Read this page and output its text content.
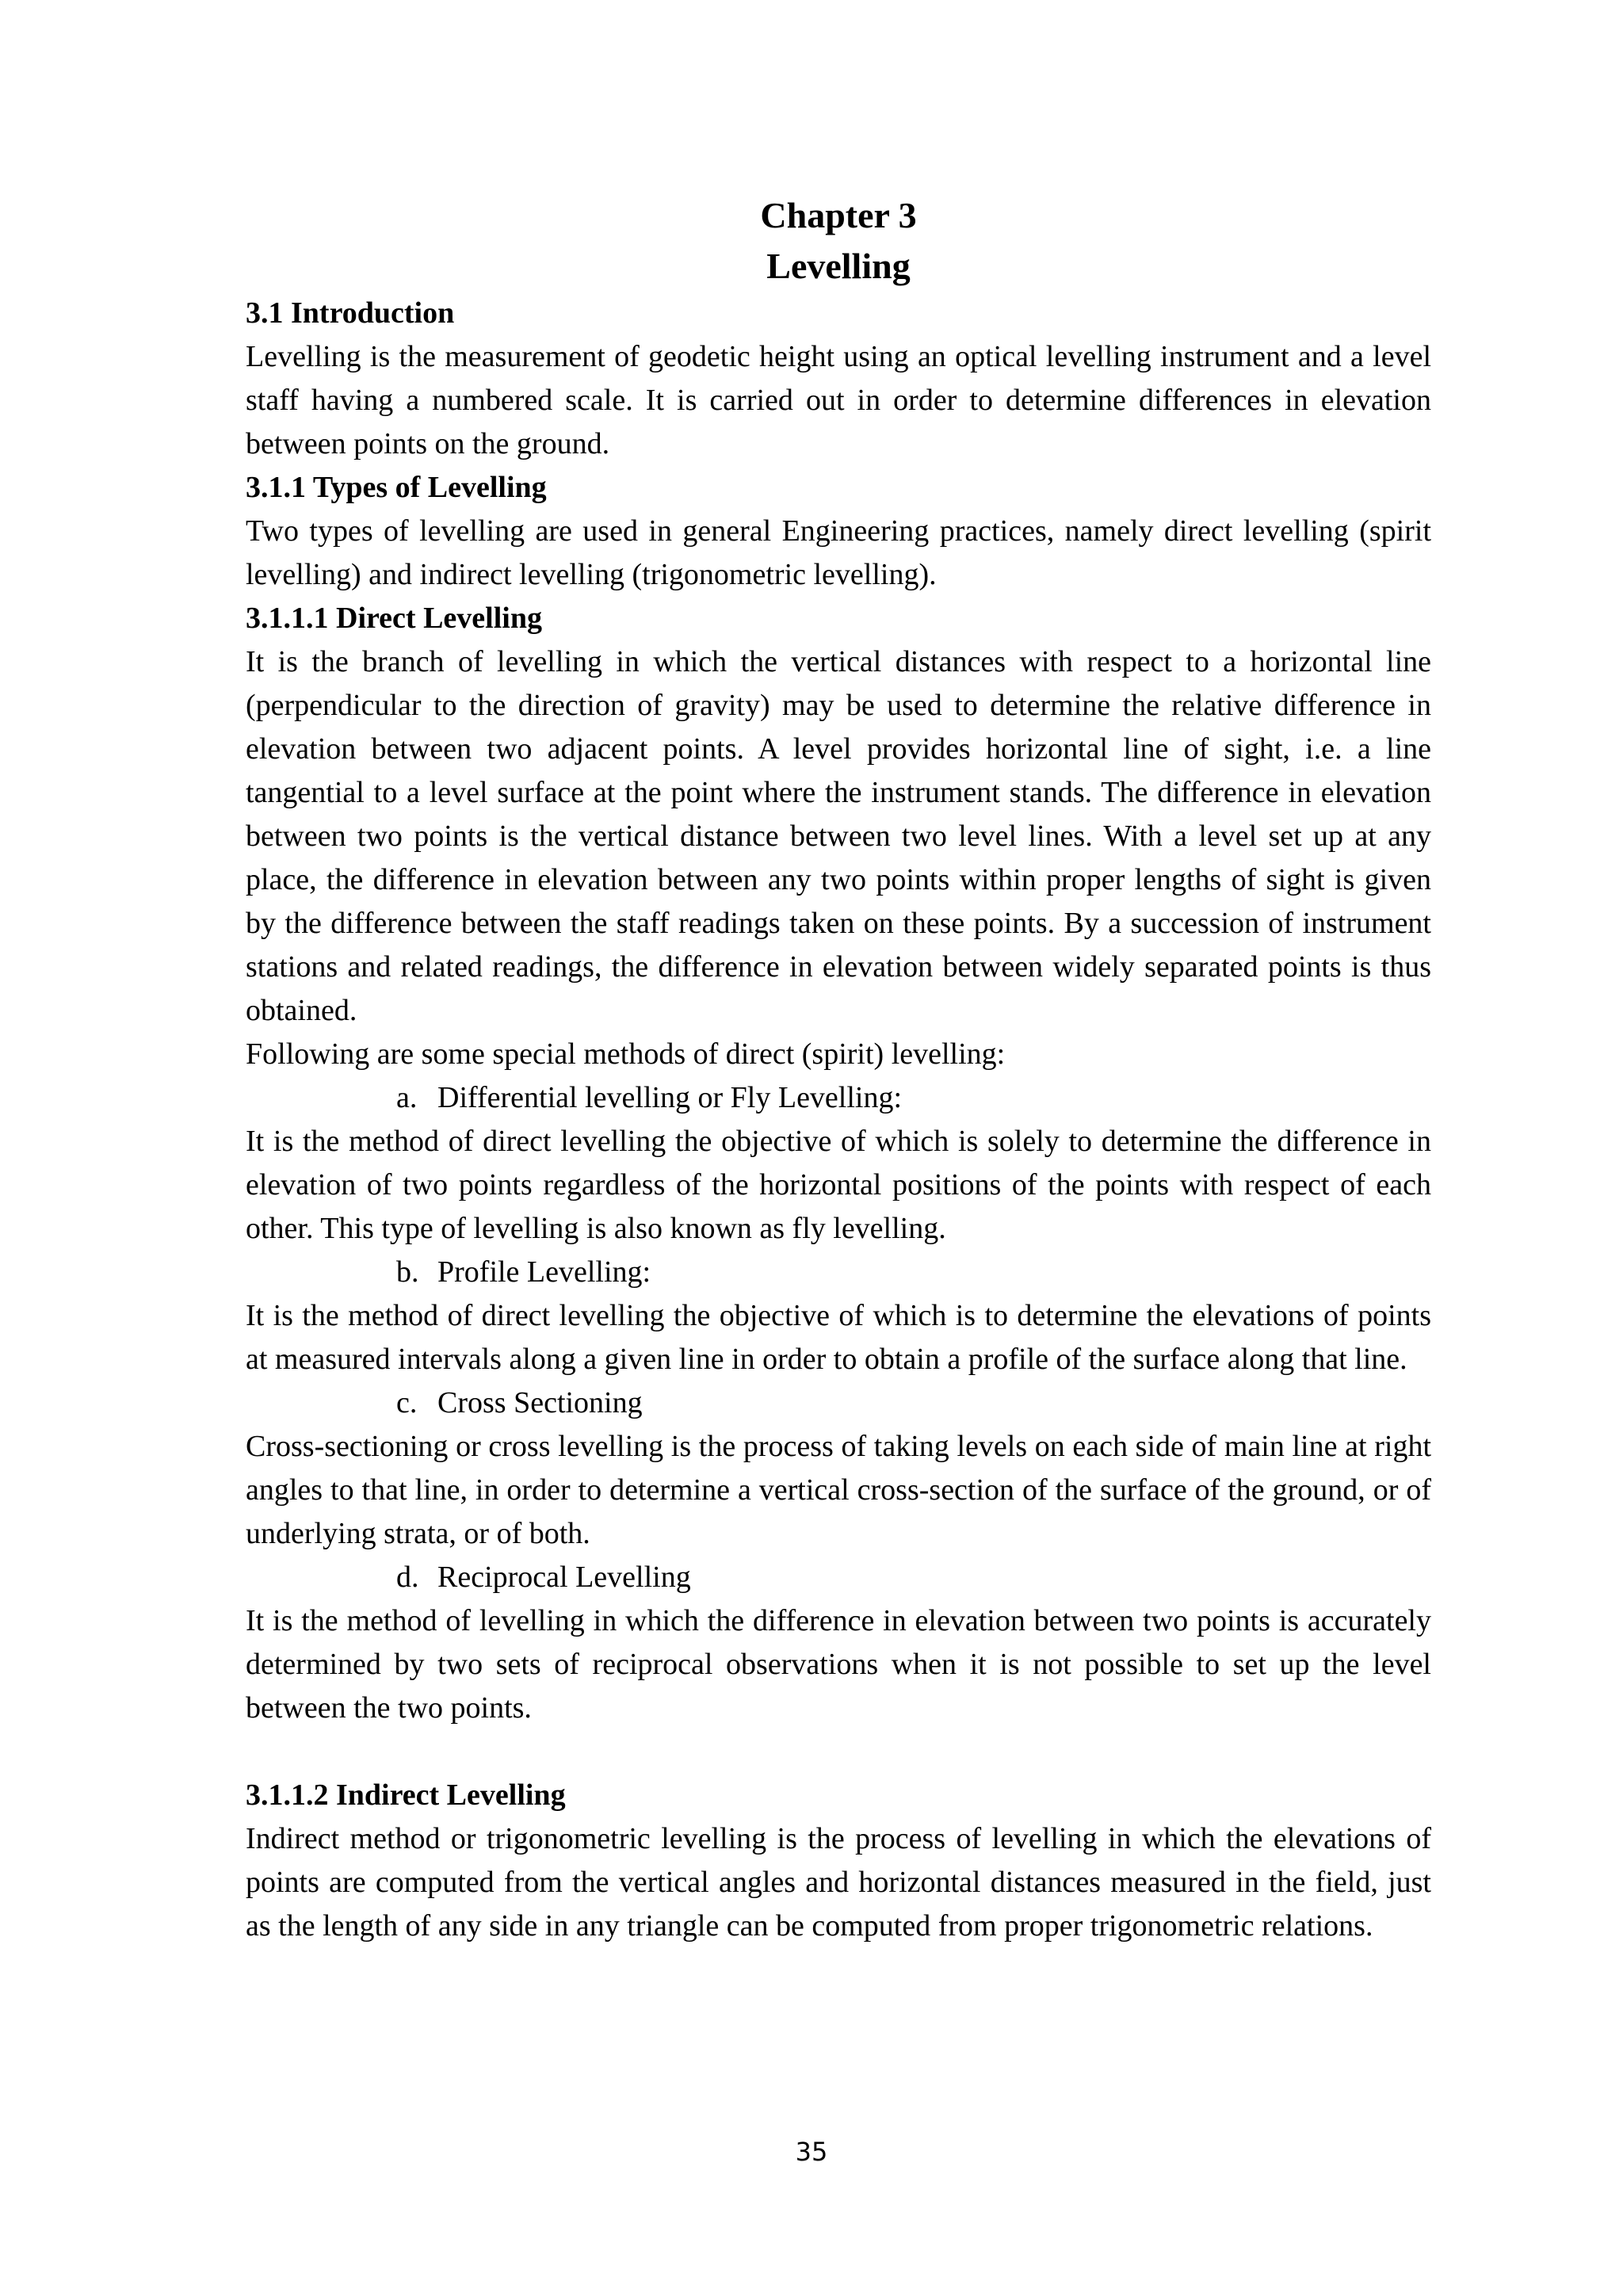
Chapter 3
Levelling
3.1 Introduction

Levelling is the measurement of geodetic height using an optical levelling instrument and a level staff having a numbered scale. It is carried out in order to determine differences in elevation between points on the ground.

3.1.1 Types of Levelling

Two types of levelling are used in general Engineering practices, namely direct levelling (spirit levelling) and indirect levelling (trigonometric levelling).

3.1.1.1 Direct Levelling

It is the branch of levelling in which the vertical distances with respect to a horizontal line (perpendicular to the direction of gravity) may be used to determine the relative difference in elevation between two adjacent points. A level provides horizontal line of sight, i.e. a line tangential to a level surface at the point where the instrument stands. The difference in elevation between two points is the vertical distance between two level lines. With a level set up at any place, the difference in elevation between any two points within proper lengths of sight is given by the difference between the staff readings taken on these points. By a succession of instrument stations and related readings, the difference in elevation between widely separated points is thus obtained.

Following are some special methods of direct (spirit) levelling:

a. Differential levelling or Fly Levelling:

It is the method of direct levelling the objective of which is solely to determine the difference in elevation of two points regardless of the horizontal positions of the points with respect of each other. This type of levelling is also known as fly levelling.

b. Profile Levelling:

It is the method of direct levelling the objective of which is to determine the elevations of points at measured intervals along a given line in order to obtain a profile of the surface along that line.

c. Cross Sectioning

Cross-sectioning or cross levelling is the process of taking levels on each side of main line at right angles to that line, in order to determine a vertical cross-section of the surface of the ground, or of underlying strata, or of both.

d. Reciprocal Levelling

It is the method of levelling in which the difference in elevation between two points is accurately determined by two sets of reciprocal observations when it is not possible to set up the level between the two points.

3.1.1.2 Indirect Levelling

Indirect method or trigonometric levelling is the process of levelling in which the elevations of points are computed from the vertical angles and horizontal distances measured in the field, just as the length of any side in any triangle can be computed from proper trigonometric relations.

35
